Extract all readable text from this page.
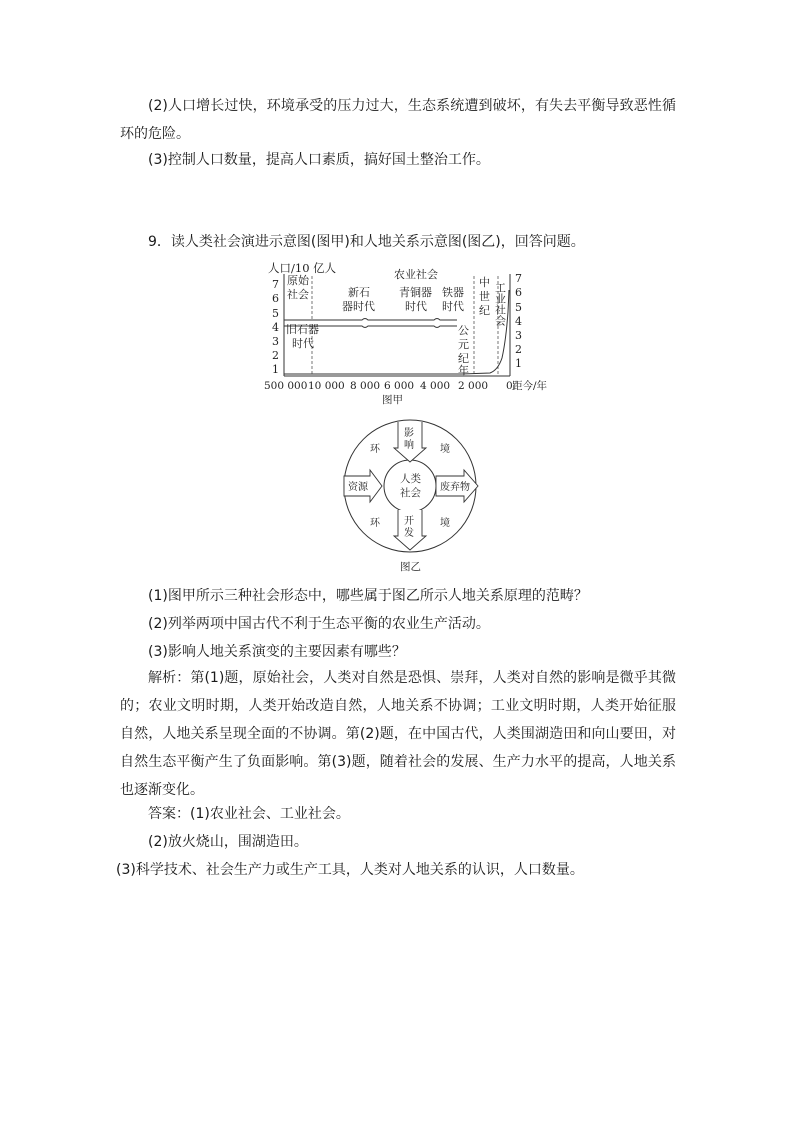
(2)人口增长过快，环境承受的压力过大，生态系统遭到破坏，有失去平衡导致恶性循环的危险。

(3)控制人口数量，提高人口素质，搞好国土整治工作。

9．读人类社会演进示意图(图甲)和人地关系示意图(图乙)，回答问题。

7
6
5
4
3
2
1
7
6
5
4
3
2
1
人口/10 亿人
原始
社会
农业社会
工业社会
旧石器
时代
新石
器时代
青铜器
时代
铁器
时代
中
世
纪
公
元
纪
年
500 000 10 000 8 000 6 000 4 000 2 000 0 距今/年
图甲
影
响
开
发
资源	废弃物
人类
社会
环	境
环	境
图乙

(1)图甲所示三种社会形态中，哪些属于图乙所示人地关系原理的范畴？

(2)列举两项中国古代不利于生态平衡的农业生产活动。

(3)影响人地关系演变的主要因素有哪些？

解析：第(1)题，原始社会，人类对自然是恐惧、崇拜，人类对自然的影响是微乎其微的；农业文明时期，人类开始改造自然，人地关系不协调；工业文明时期，人类开始征服自然，人地关系呈现全面的不协调。第(2)题，在中国古代，人类围湖造田和向山要田，对自然生态平衡产生了负面影响。第(3)题，随着社会的发展、生产力水平的提高，人地关系也逐渐变化。

答案：(1)农业社会、工业社会。

(2)放火烧山，围湖造田。

(3)科学技术、社会生产力或生产工具，人类对人地关系的认识，人口数量。
